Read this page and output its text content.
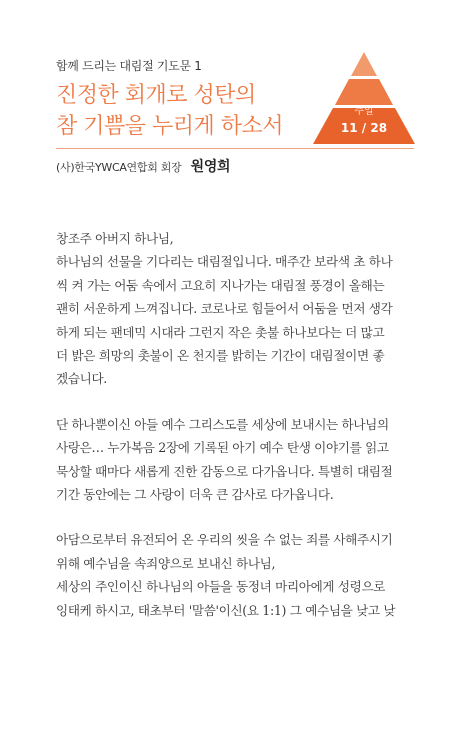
함께 드리는 대림절 기도문 1
진정한 회개로 성탄의
참 기쁨을 누리게 하소서
주일
11 / 28
(사)한국YWCA연합회 회장 원영희

창조주 아버지 하나님,
하나님의 선물을 기다리는 대림절입니다. 매주간 보라색 초 하나
씩 켜 가는 어둠 속에서 고요히 지나가는 대림절 풍경이 올해는
괜히 서운하게 느껴집니다. 코로나로 힘들어서 어둠을 먼저 생각
하게 되는 팬데믹 시대라 그런지 작은 촛불 하나보다는 더 많고
더 밝은 희망의 촛불이 온 천지를 밝히는 기간이 대림절이면 좋
겠습니다.

단 하나뿐이신 아들 예수 그리스도를 세상에 보내시는 하나님의
사랑은… 누가복음 2장에 기록된 아기 예수 탄생 이야기를 읽고
묵상할 때마다 새롭게 진한 감동으로 다가옵니다. 특별히 대림절
기간 동안에는 그 사랑이 더욱 큰 감사로 다가옵니다.

아담으로부터 유전되어 온 우리의 씻을 수 없는 죄를 사해주시기
위해 예수님을 속죄양으로 보내신 하나님,
세상의 주인이신 하나님의 아들을 동정녀 마리아에게 성령으로
잉태케 하시고, 태초부터 '말씀'이신(요 1:1) 그 예수님을 낮고 낮
